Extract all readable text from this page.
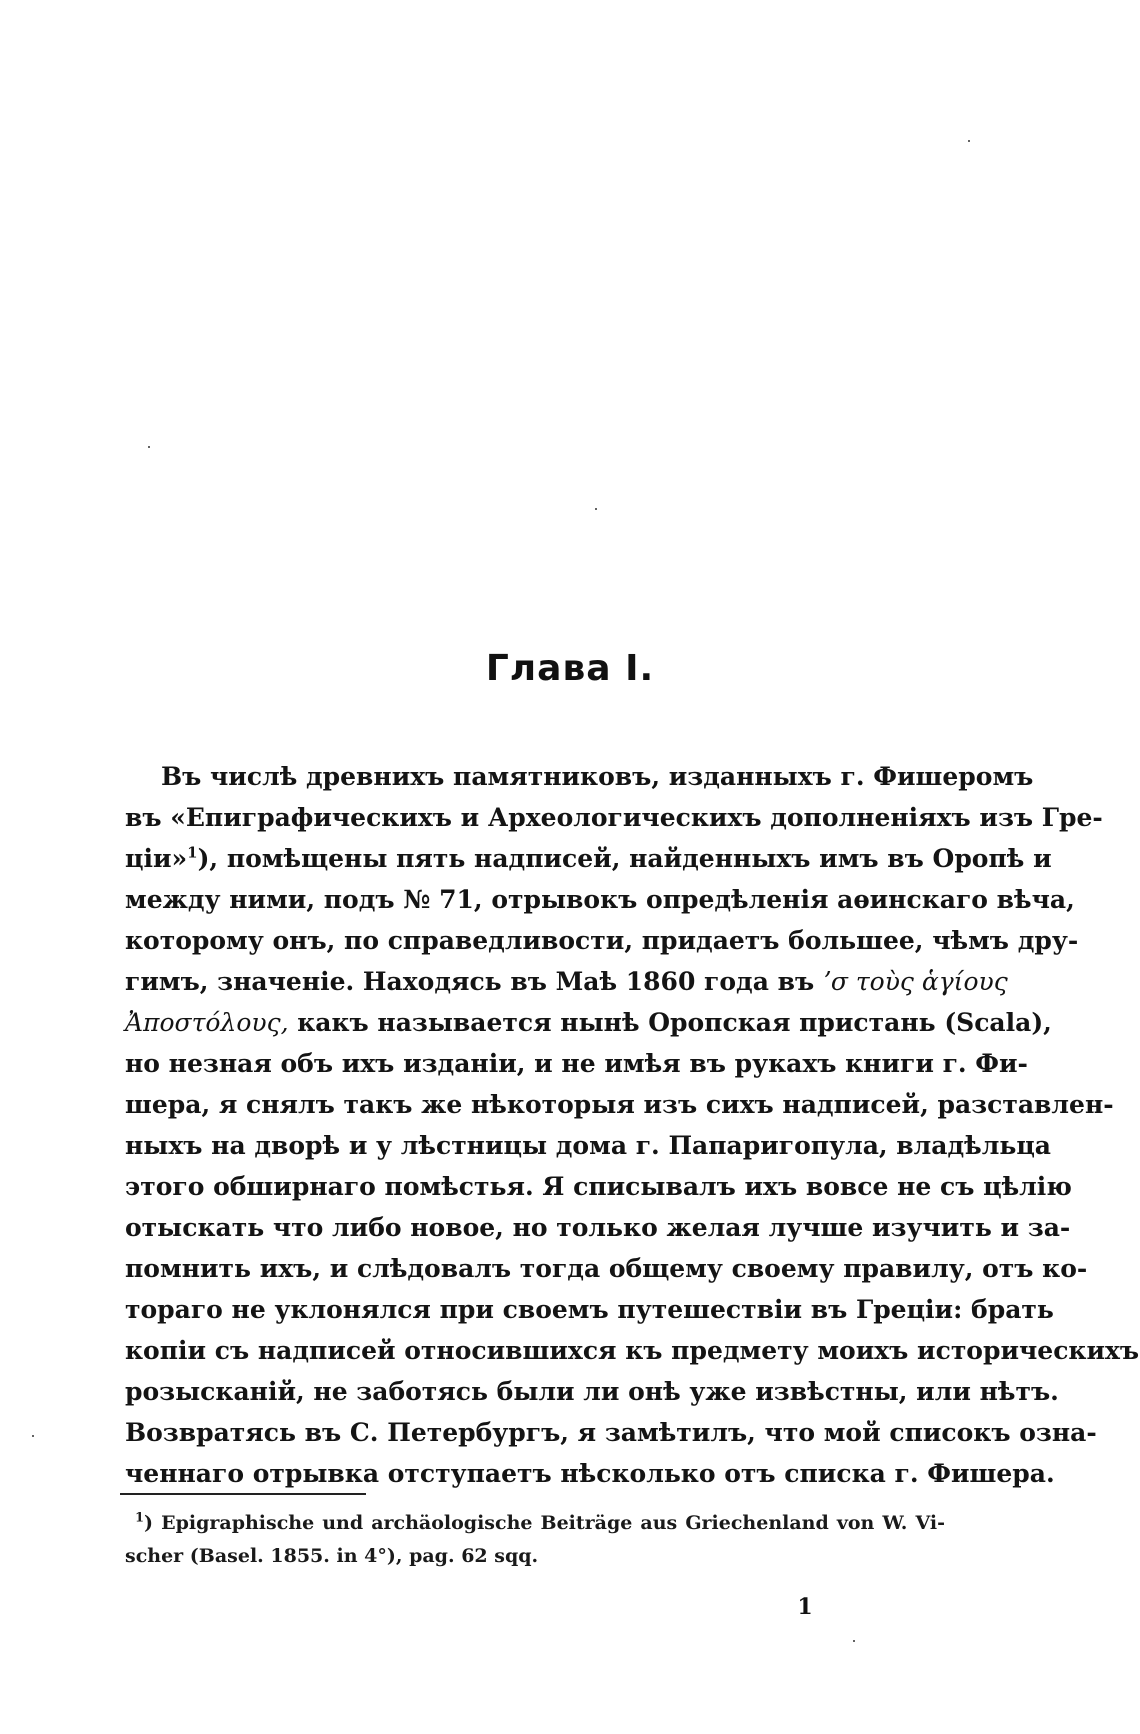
Глава I.
Въ числѣ древнихъ памятниковъ, изданныхъ г. Фишеромъ
въ «Епиграфическихъ и Археологическихъ дополненіяхъ изъ Гре-
ціи»$^1$), помѣщены пять надписей, найденныхъ имъ въ Оропѣ и
между ними, подъ № 71, отрывокъ опредѣленія аѳинскаго вѣча,
которому онъ, по справедливости, придаетъ большее, чѣмъ дру-
гимъ, значеніе. Находясь въ Маѣ 1860 года въ ʼσ τοὺς ἁγίους
Ἀποστόλους, какъ называется нынѣ Оропская пристань (Scala),
но незная объ ихъ изданіи, и не имѣя въ рукахъ книги г. Фи-
шера, я снялъ такъ же нѣкоторыя изъ сихъ надписей, разставлен-
ныхъ на дворѣ и у лѣстницы дома г. Папаригопула, владѣльца
этого обширнаго помѣстья. Я списывалъ ихъ вовсе не съ цѣлію
отыскать что либо новое, но только желая лучше изучить и за-
помнить ихъ, и слѣдовалъ тогда общему своему правилу, отъ ко-
тораго не уклонялся при своемъ путешествіи въ Греціи: брать
копіи съ надписей относившихся къ предмету моихъ историческихъ
розысканій, не заботясь были ли онѣ уже извѣстны, или нѣтъ.
Возвратясь въ С. Петербургъ, я замѣтилъ, что мой списокъ озна-
ченнаго отрывка отступаетъ нѣсколько отъ списка г. Фишера.
$^1$) Epigraphische und archäologische Beiträge aus Griechenland von W. Vi-
scher (Basel. 1855. in 4°), pag. 62 sqq.
1
